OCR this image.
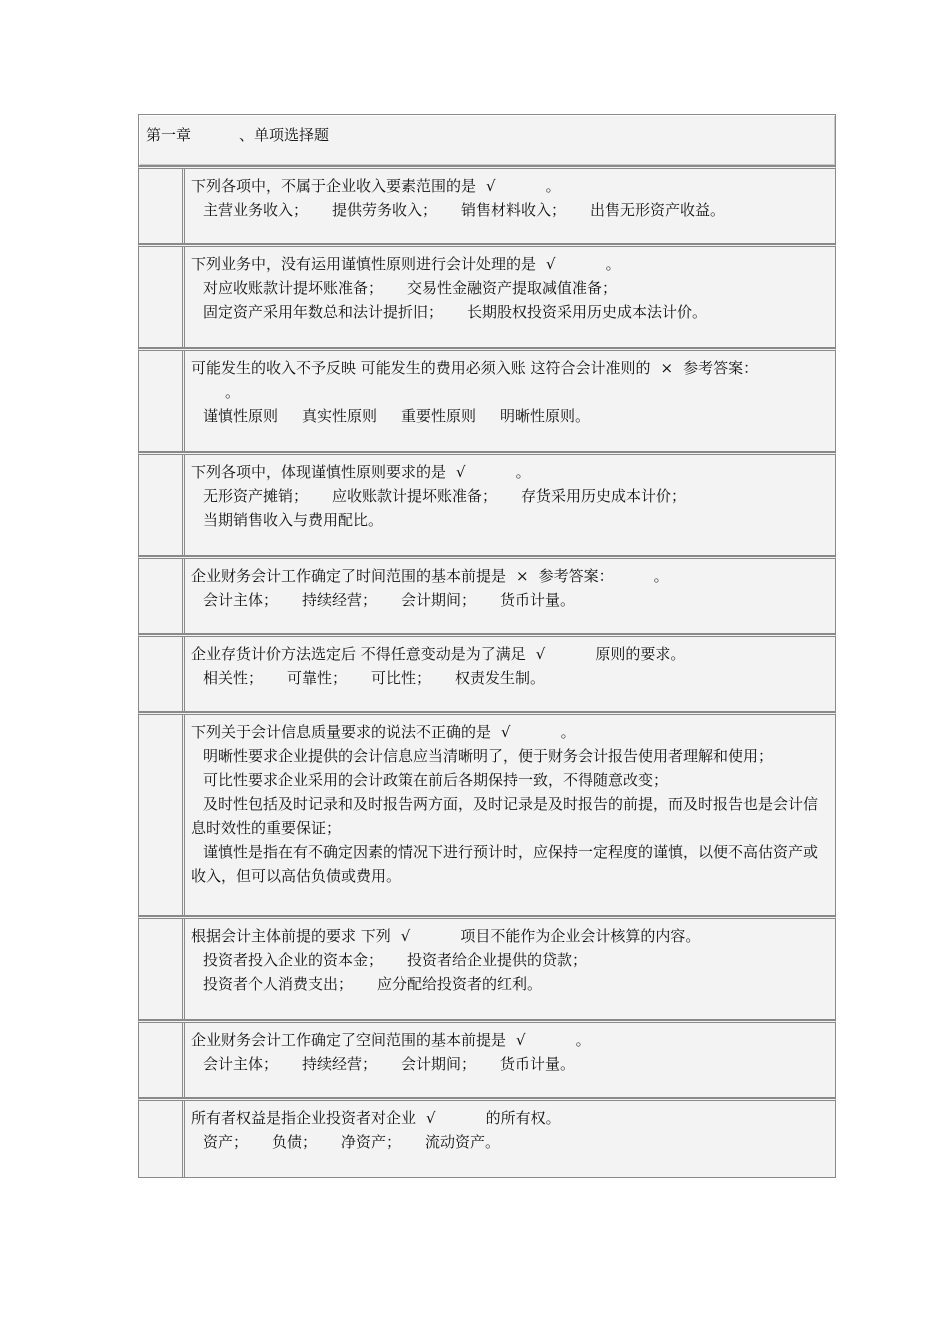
第一章	、单项选择题
下列各项中，不属于企业收入要素范围的是 √	。
主营业务收入； 提供劳务收入； 销售材料收入； 出售无形资产收益。
下列业务中，没有运用谨慎性原则进行会计处理的是 √	。
对应收账款计提坏账准备； 交易性金融资产提取减值准备；
固定资产采用年数总和法计提折旧； 长期股权投资采用历史成本法计价。
可能发生的收入不予反映 可能发生的费用必须入账 这符合会计准则的 × 参考答案：
。
谨慎性原则 真实性原则 重要性原则 明晰性原则。
下列各项中，体现谨慎性原则要求的是 √	。
无形资产摊销； 应收账款计提坏账准备； 存货采用历史成本计价；
当期销售收入与费用配比。
企业财务会计工作确定了时间范围的基本前提是 × 参考答案：	。
会计主体； 持续经营； 会计期间； 货币计量。
企业存货计价方法选定后 不得任意变动是为了满足 √	原则的要求。
相关性； 可靠性； 可比性； 权责发生制。
下列关于会计信息质量要求的说法不正确的是 √	。
明晰性要求企业提供的会计信息应当清晰明了，便于财务会计报告使用者理解和使用；
可比性要求企业采用的会计政策在前后各期保持一致，不得随意改变；
及时性包括及时记录和及时报告两方面，及时记录是及时报告的前提，而及时报告也是会计信息时效性的重要保证；
谨慎性是指在有不确定因素的情况下进行预计时，应保持一定程度的谨慎，以便不高估资产或收入，但可以高估负债或费用。
根据会计主体前提的要求 下列 √	项目不能作为企业会计核算的内容。
投资者投入企业的资本金； 投资者给企业提供的贷款；
投资者个人消费支出； 应分配给投资者的红利。
企业财务会计工作确定了空间范围的基本前提是 √	。
会计主体； 持续经营； 会计期间； 货币计量。
所有者权益是指企业投资者对企业 √	的所有权。
资产； 负债； 净资产； 流动资产。
